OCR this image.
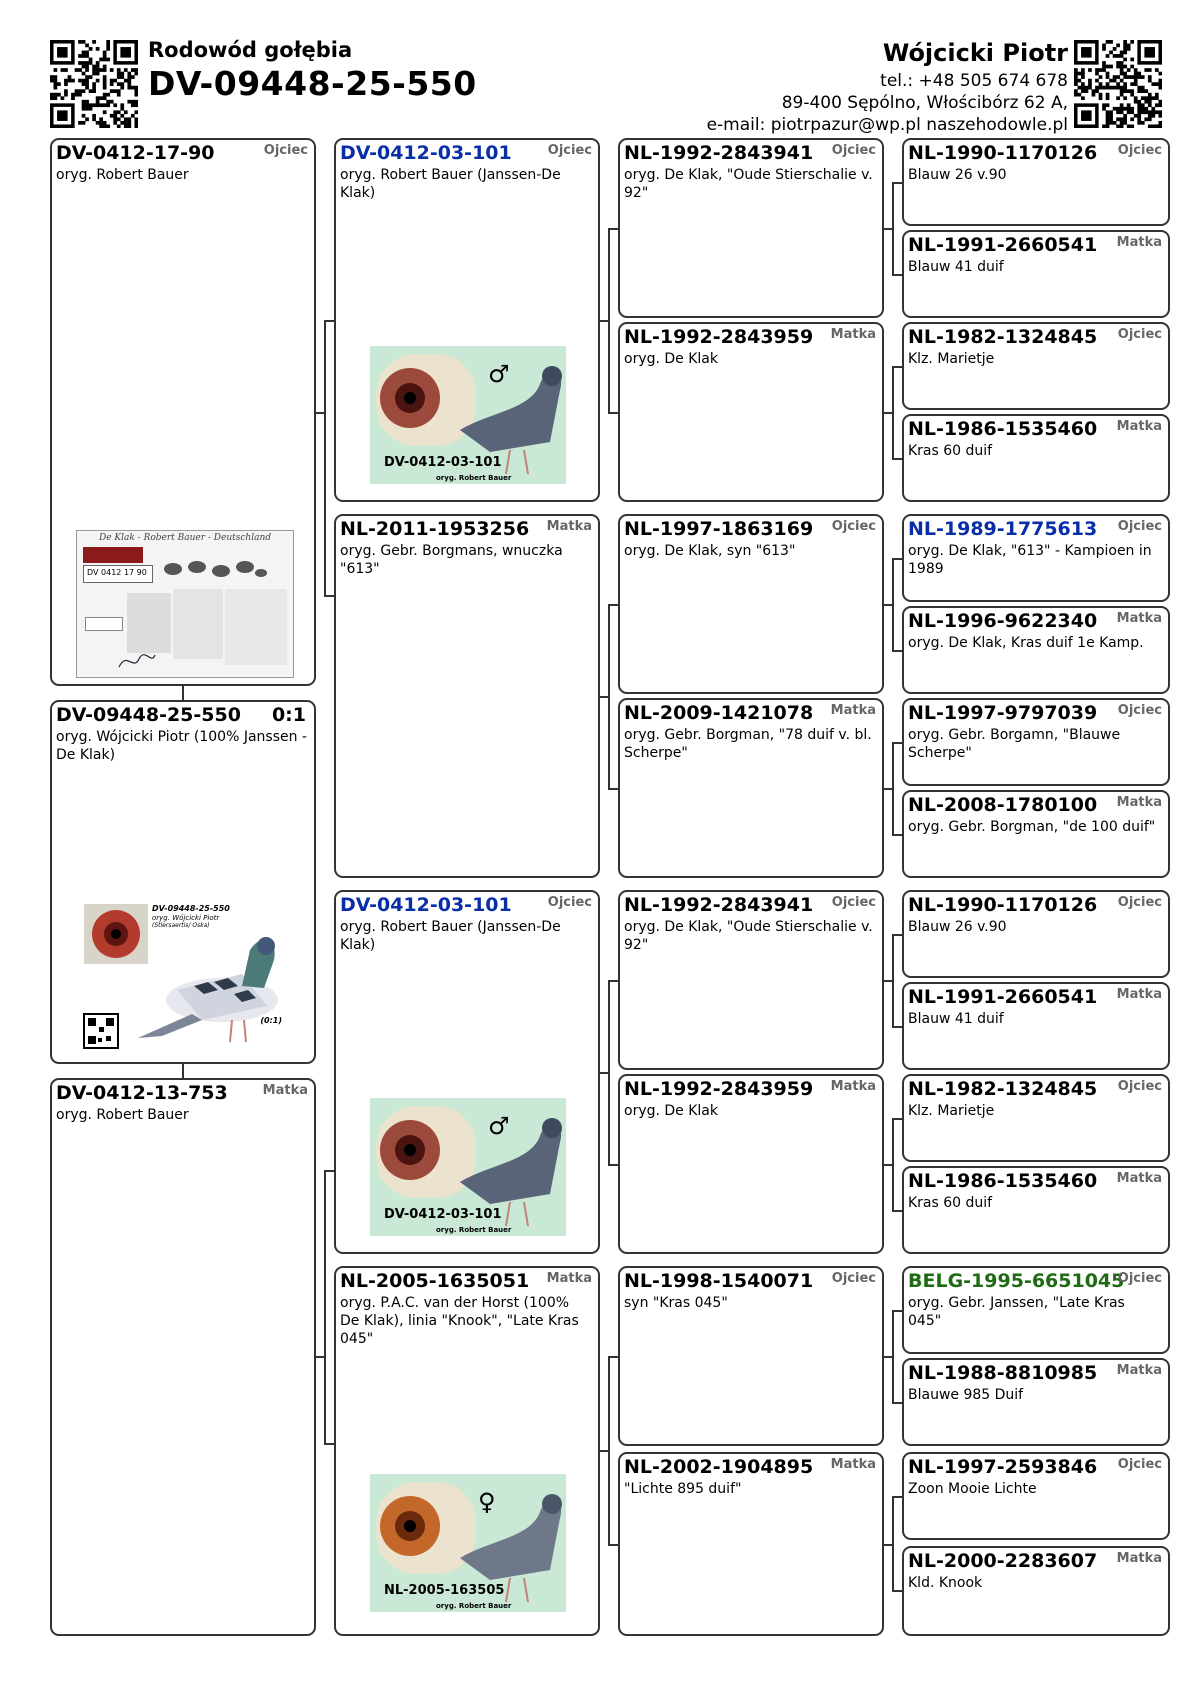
Rodowód gołębia
DV-09448-25-550
Wójcicki Piotr
tel.: +48 505 674 678
89-400 Sępólno, Włościbórz 62 A,
e-mail: piotrpazur@wp.pl naszehodowle.pl
DV-0412-17-90	Ojciec
oryg. Robert Bauer
De Klak - Robert Bauer - Deutschland
DV 0412 17 90
DV-09448-25-550 0:1
oryg. Wójcicki Piotr (100% Janssen - De Klak)
DV-09448-25-550
oryg. Wójcicki Piotr
(Stiersaertis/ Oska)
(0:1)
DV-0412-13-753	Matka
oryg. Robert Bauer
DV-0412-03-101	Ojciec
oryg. Robert Bauer (Janssen-De Klak)
♂
DV-0412-03-101
oryg. Robert Bauer
NL-2011-1953256 Matka
oryg. Gebr. Borgmans, wnuczka "613"
DV-0412-03-101	Ojciec
oryg. Robert Bauer (Janssen-De Klak)
♂
DV-0412-03-101
oryg. Robert Bauer
NL-2005-1635051 Matka
oryg. P.A.C. van der Horst (100% De Klak), linia "Knook", "Late Kras 045"
♀
NL-2005-163505
oryg. Robert Bauer
NL-1992-2843941 Ojciec
oryg. De Klak, "Oude Stierschalie v. 92"
NL-1992-2843959 Matka
oryg. De Klak
NL-1997-1863169 Ojciec
oryg. De Klak, syn "613"
NL-2009-1421078 Matka
oryg. Gebr. Borgman, "78 duif v. bl. Scherpe"
NL-1992-2843941 Ojciec
oryg. De Klak, "Oude Stierschalie v. 92"
NL-1992-2843959 Matka
oryg. De Klak
NL-1998-1540071 Ojciec
syn "Kras 045"
NL-2002-1904895 Matka
"Lichte 895 duif"
NL-1990-1170126 Ojciec
Blauw 26 v.90
NL-1991-2660541 Matka
Blauw 41 duif
NL-1982-1324845 Ojciec
Klz. Marietje
NL-1986-1535460 Matka
Kras 60 duif
NL-1989-1775613 Ojciec
oryg. De Klak, "613" - Kampioen in 1989
NL-1996-9622340 Matka
oryg. De Klak, Kras duif 1e Kamp.
NL-1997-9797039 Ojciec
oryg. Gebr. Borgamn, "Blauwe Scherpe"
NL-2008-1780100 Matka
oryg. Gebr. Borgman, "de 100 duif"
NL-1990-1170126 Ojciec
Blauw 26 v.90
NL-1991-2660541 Matka
Blauw 41 duif
NL-1982-1324845 Ojciec
Klz. Marietje
NL-1986-1535460 Matka
Kras 60 duif
BELG-1995-6651045
Ojciec
oryg. Gebr. Janssen, "Late Kras 045"
NL-1988-8810985 Matka
Blauwe 985 Duif
NL-1997-2593846 Ojciec
Zoon Mooie Lichte
NL-2000-2283607 Matka
Kld. Knook
